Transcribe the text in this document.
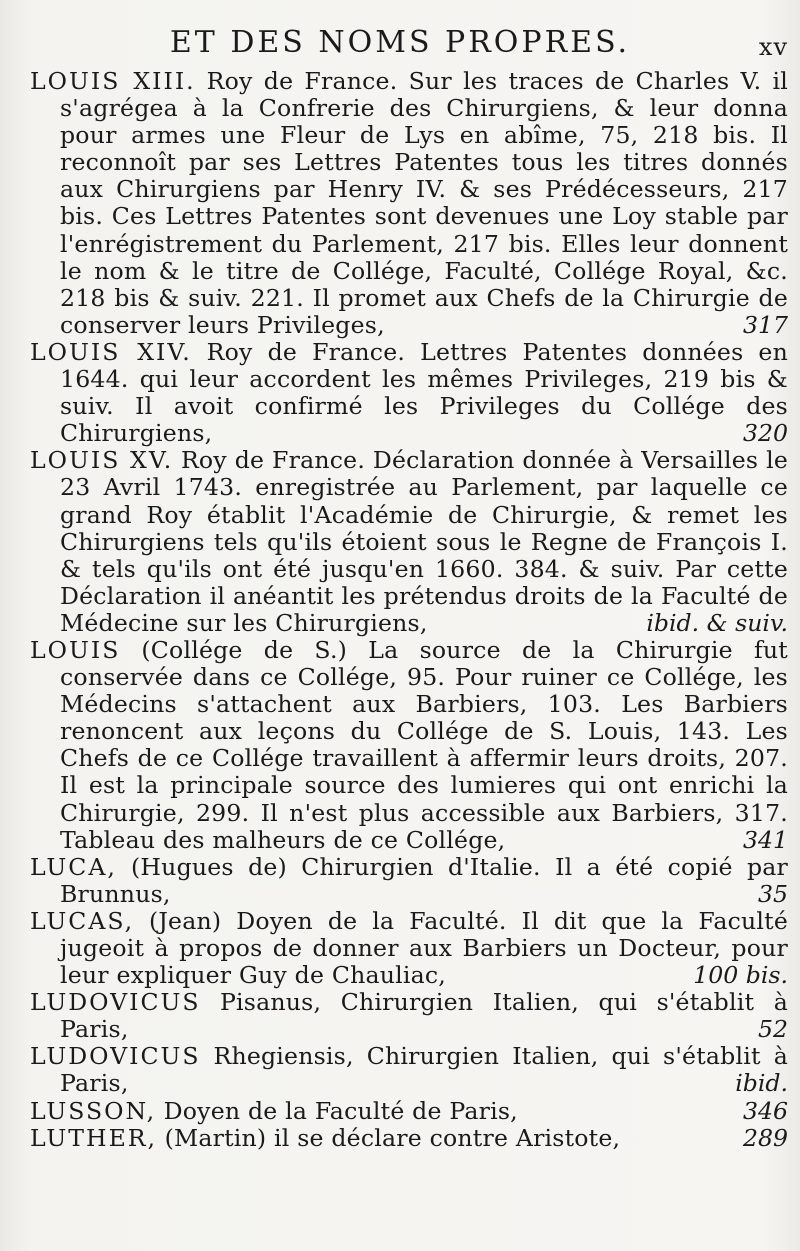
ET DES NOMS PROPRES.	xv
LOUIS XIII. Roy de France. Sur les traces de Charles V. il s'agrégea à la Confrerie des Chirurgiens, & leur donna pour armes une Fleur de Lys en abîme, 75, 218 bis. Il reconnoît par ses Lettres Patentes tous les titres donnés aux Chirurgiens par Henry IV. & ses Prédécesseurs, 217 bis. Ces Lettres Patentes sont devenues une Loy stable par l'enrégistrement du Parlement, 217 bis. Elles leur donnent le nom & le titre de Collége, Faculté, Collége Royal, &c. 218 bis & suiv. 221. Il promet aux Chefs de la Chirurgie de conserver leurs Privileges,	317
LOUIS XIV. Roy de France. Lettres Patentes données en 1644. qui leur accordent les mêmes Privileges, 219 bis & suiv. Il avoit confirmé les Privileges du Collége des Chirurgiens,	320
LOUIS XV. Roy de France. Déclaration donnée à Versailles le 23 Avril 1743. enregistrée au Parlement, par laquelle ce grand Roy établit l'Académie de Chirurgie, & remet les Chirurgiens tels qu'ils étoient sous le Regne de François I. & tels qu'ils ont été jusqu'en 1660. 384. & suiv. Par cette Déclaration il anéantit les prétendus droits de la Faculté de Médecine sur les Chirurgiens,	ibid. & suiv.
LOUIS (Collége de S.) La source de la Chirurgie fut conservée dans ce Collége, 95. Pour ruiner ce Collége, les Médecins s'attachent aux Barbiers, 103. Les Barbiers renoncent aux leçons du Collége de S. Louis, 143. Les Chefs de ce Collége travaillent à affermir leurs droits, 207. Il est la principale source des lumieres qui ont enrichi la Chirurgie, 299. Il n'est plus accessible aux Barbiers, 317. Tableau des malheurs de ce Collége,	341
LUCA, (Hugues de) Chirurgien d'Italie. Il a été copié par Brunnus,	35
LUCAS, (Jean) Doyen de la Faculté. Il dit que la Faculté jugeoit à propos de donner aux Barbiers un Docteur, pour leur expliquer Guy de Chauliac,	100 bis.
LUDOVICUS Pisanus, Chirurgien Italien, qui s'établit à Paris,	52
LUDOVICUS Rhegiensis, Chirurgien Italien, qui s'établit à Paris,	ibid.
LUSSON, Doyen de la Faculté de Paris,	346
LUTHER, (Martin) il se déclare contre Aristote,	289
